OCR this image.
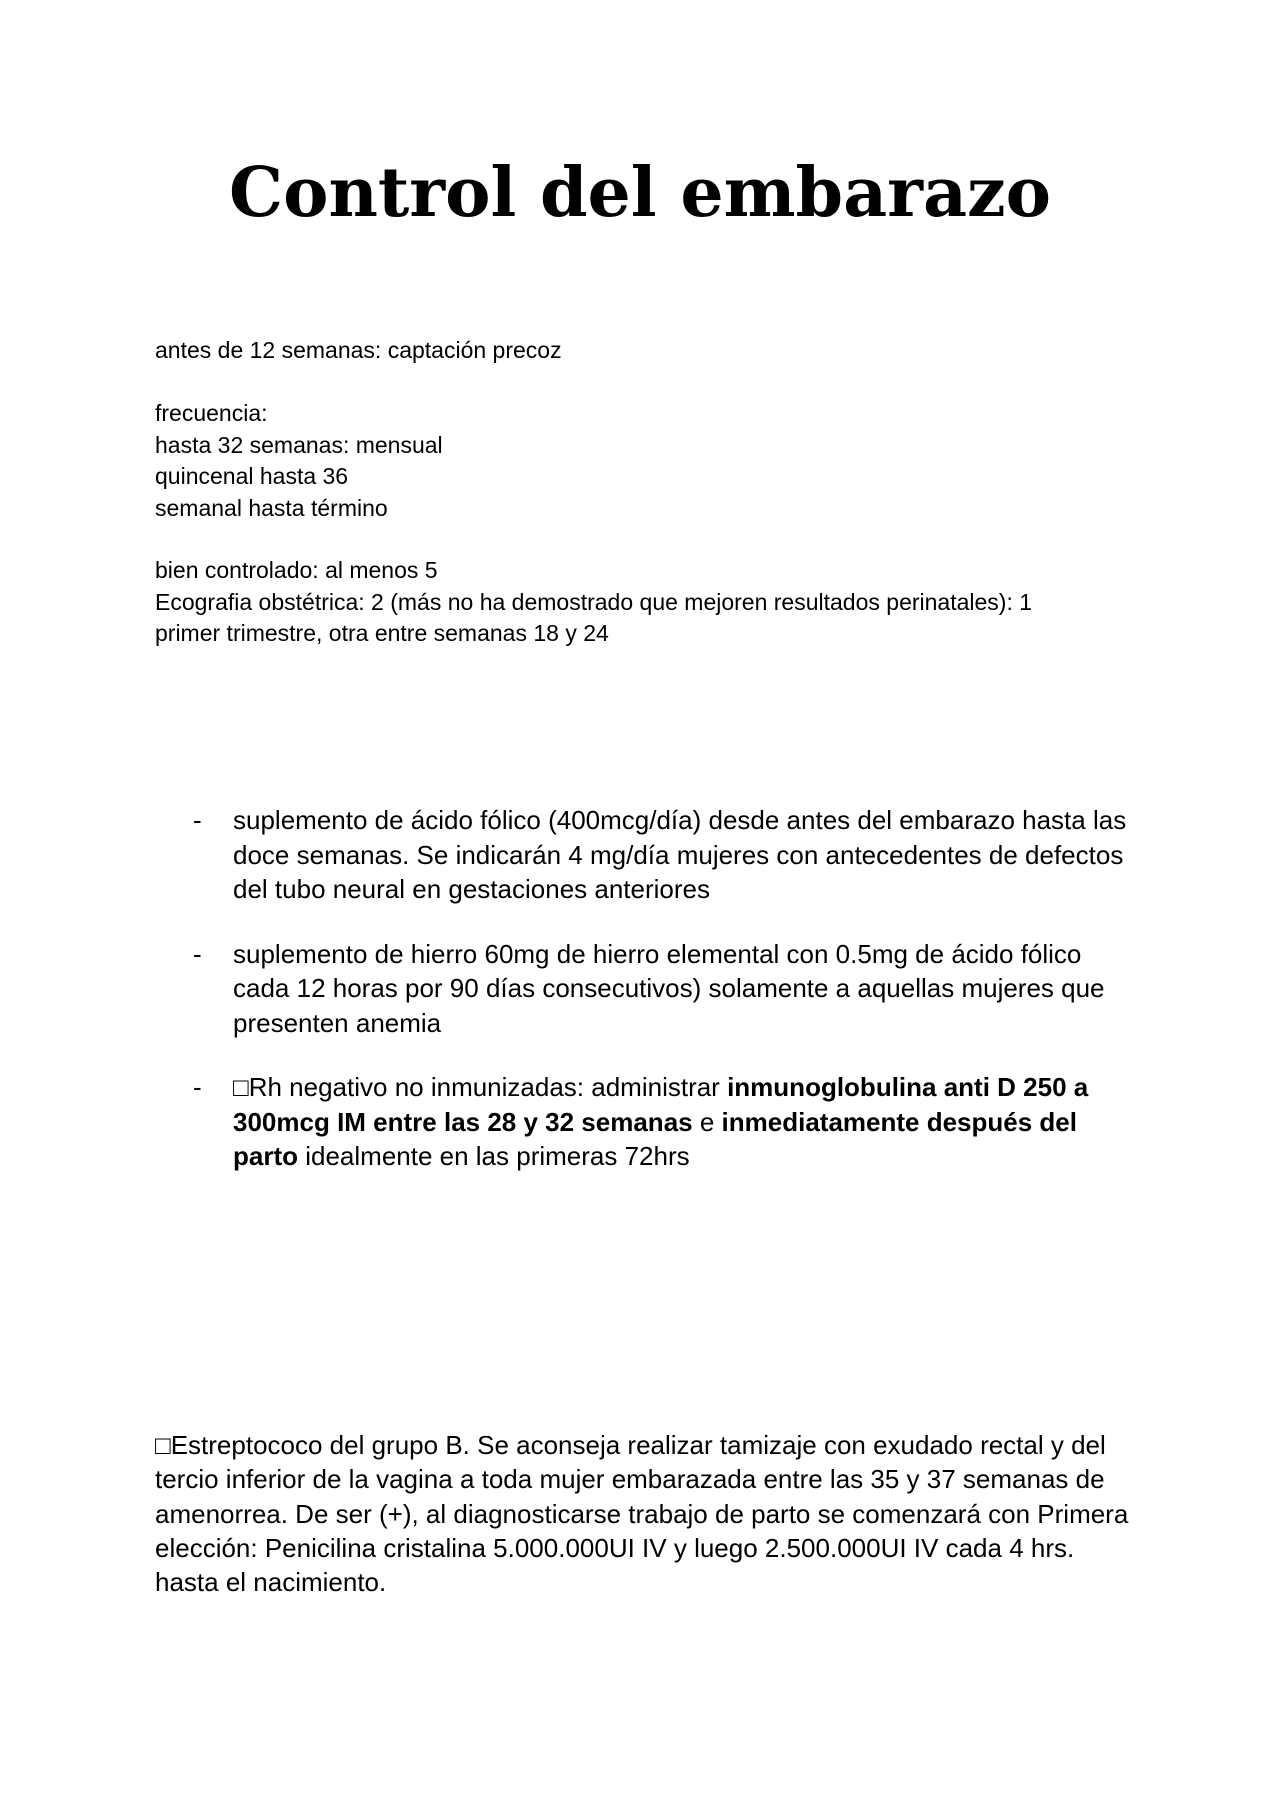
Control del embarazo
antes de 12 semanas: captación precoz
frecuencia:
hasta 32 semanas: mensual
quincenal hasta 36
semanal hasta término
bien controlado: al menos 5
Ecografia obstétrica: 2 (más no ha demostrado que mejoren resultados perinatales): 1
primer trimestre, otra entre semanas 18 y 24
- suplemento de ácido fólico (400mcg/día) desde antes del embarazo hasta las doce semanas. Se indicarán 4 mg/día mujeres con antecedentes de defectos del tubo neural en gestaciones anteriores
- suplemento de hierro 60mg de hierro elemental con 0.5mg de ácido fólico cada 12 horas por 90 días consecutivos) solamente a aquellas mujeres que presenten anemia
- □Rh negativo no inmunizadas: administrar inmunoglobulina anti D 250 a 300mcg IM entre las 28 y 32 semanas e inmediatamente después del parto idealmente en las primeras 72hrs

□Estreptococo del grupo B. Se aconseja realizar tamizaje con exudado rectal y del tercio inferior de la vagina a toda mujer embarazada entre las 35 y 37 semanas de amenorrea. De ser (+), al diagnosticarse trabajo de parto se comenzará con Primera elección: Penicilina cristalina 5.000.000UI IV y luego 2.500.000UI IV cada 4 hrs. hasta el nacimiento.
